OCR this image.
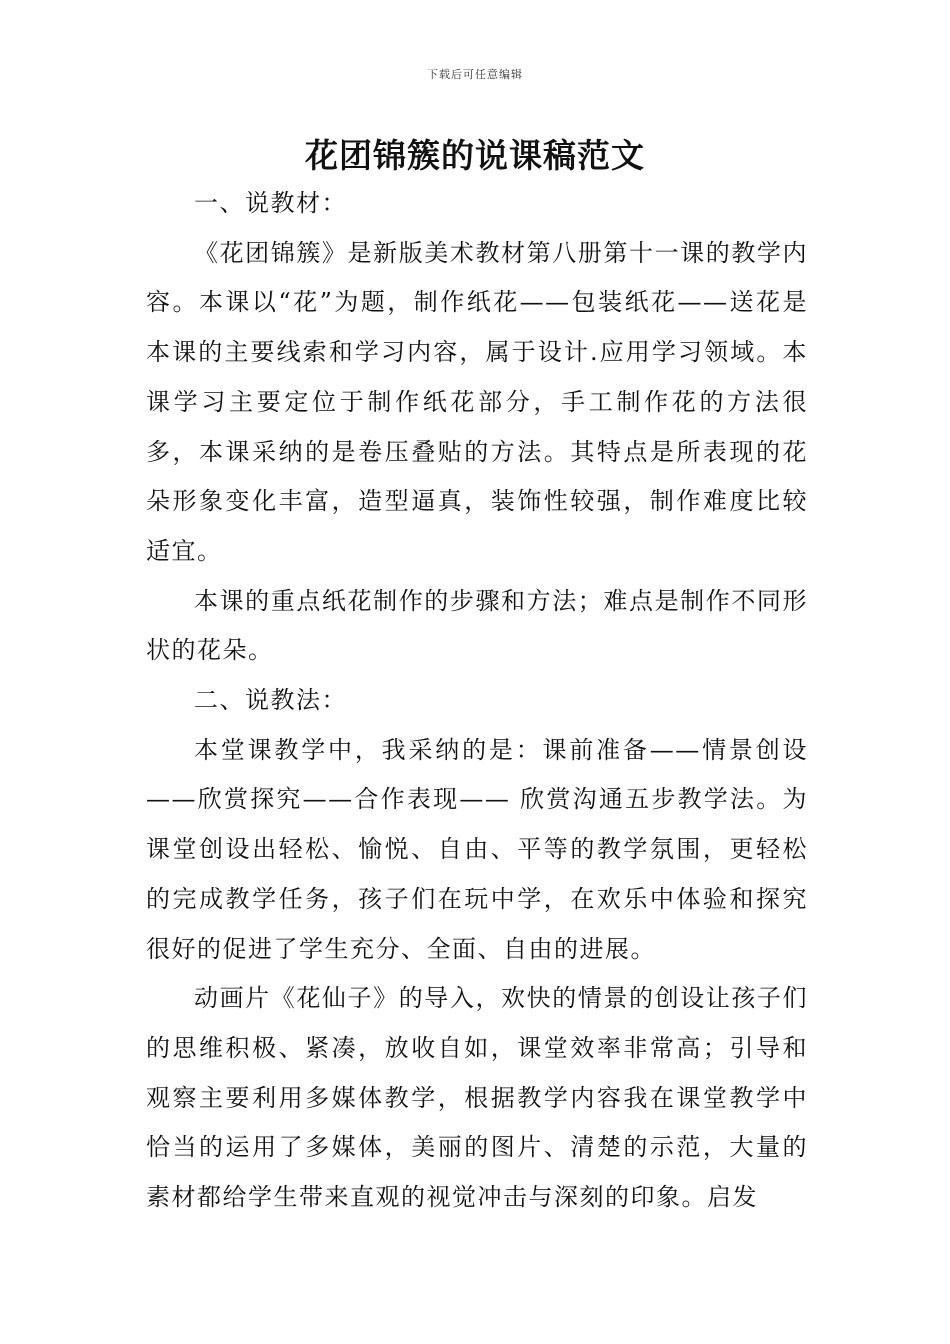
下载后可任意编辑
花团锦簇的说课稿范文

一、说教材：

《花团锦簇》是新版美术教材第八册第十一课的教学内容。本课以“花”为题，制作纸花——包装纸花——送花是本课的主要线索和学习内容，属于设计.应用学习领域。本课学习主要定位于制作纸花部分，手工制作花的方法很多，本课采纳的是卷压叠贴的方法。其特点是所表现的花朵形象变化丰富，造型逼真，装饰性较强，制作难度比较适宜。

本课的重点纸花制作的步骤和方法；难点是制作不同形状的花朵。

二、说教法：

本堂课教学中，我采纳的是：课前准备——情景创设——欣赏探究——合作表现—— 欣赏沟通五步教学法。为课堂创设出轻松、愉悦、自由、平等的教学氛围，更轻松的完成教学任务，孩子们在玩中学，在欢乐中体验和探究很好的促进了学生充分、全面、自由的进展。

动画片《花仙子》的导入，欢快的情景的创设让孩子们的思维积极、紧凑，放收自如，课堂效率非常高；引导和观察主要利用多媒体教学，根据教学内容我在课堂教学中恰当的运用了多媒体，美丽的图片、清楚的示范，大量的素材都给学生带来直观的视觉冲击与深刻的印象。启发
